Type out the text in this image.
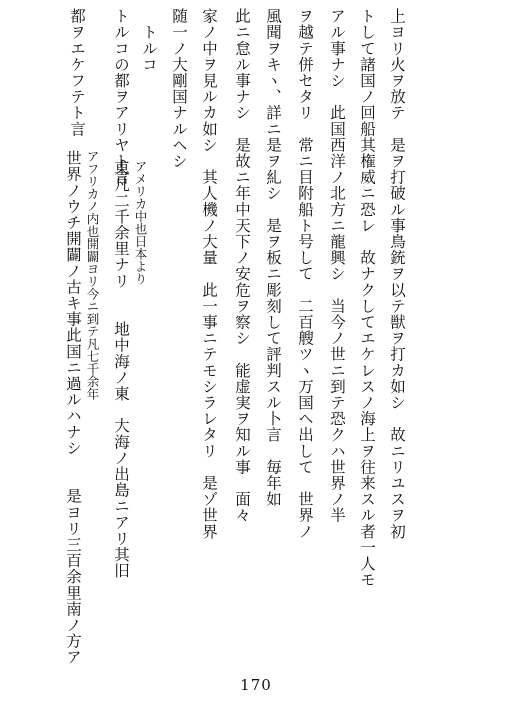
上ヨリ火ヲ放テ　是ヲ打破ル事鳥銃ヲ以テ獣ヲ打カ如シ　故ニリユスヲ初
トして諸国ノ回船其権威ニ恐レ　故ナクしてエケレスノ海上ヲ往来スル者一人モ
アル事ナシ　此国西洋ノ北方ニ龍興シ　当今ノ世ニ到テ恐クハ世界ノ半
ヲ越テ併セタリ　常ニ目附船ト号して　二百艘ツヽ万国ヘ出して　世界ノ
風聞ヲキヽ、詳ニ是ヲ糺シ　是ヲ板ニ彫刻して評判スル卜言　毎年如
此ニ怠ル事ナシ　是故ニ年中天下ノ安危ヲ察シ　能虚実ヲ知ル事　面々
家ノ中ヲ見ルカ如シ　其人機ノ大量　此一事ニテモシラレタリ　是ゾ世界
随一ノ大剛国ナルヘシ
　トルコ
トルコの都ヲアリヤト言
アメリカ中也日本より
東凡二千余里ナリ　　地中海ノ東　大海ノ出島ニアリ其旧
都ヲエケフテト言
アフリカノ内也開闢ヨリ今ニ到テ凡七千余年
世界ノウチ開闢ノ古キ事此国ニ過ルハナシ　　是ヨリ三百余里南ノ方ア
170
